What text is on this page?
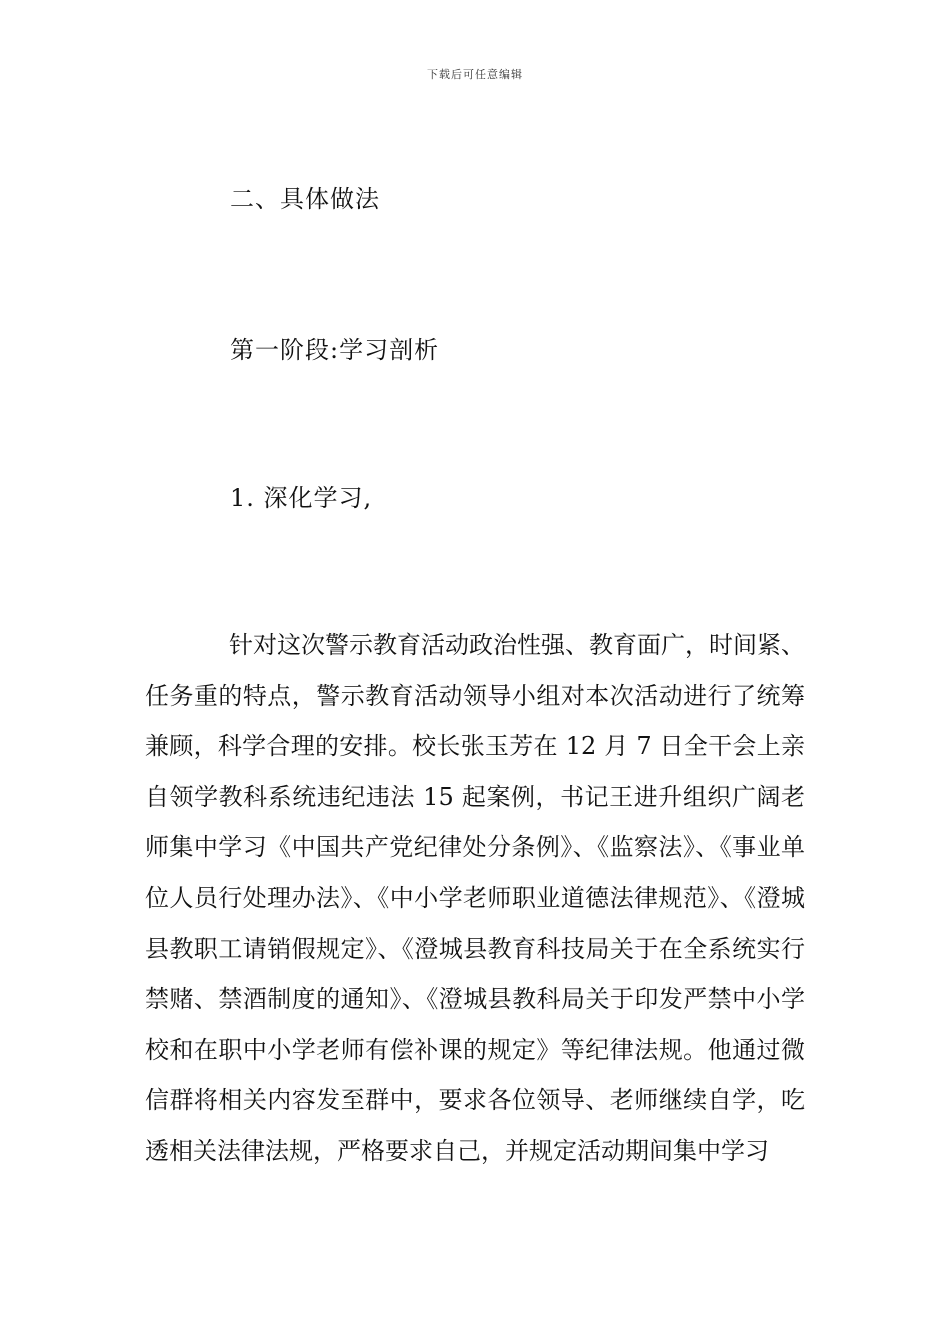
下载后可任意编辑
二、具体做法
第一阶段:学习剖析
1. 深化学习,

针对这次警示教育活动政治性强、教育面广，时间紧、任务重的特点，警示教育活动领导小组对本次活动进行了统筹兼顾，科学合理的安排。校长张玉芳在 12 月 7 日全干会上亲自领学教科系统违纪违法 15 起案例，书记王进升组织广阔老师集中学习《中国共产党纪律处分条例》、《监察法》、《事业单位人员行处理办法》、《中小学老师职业道德法律规范》、《澄城县教职工请销假规定》、《澄城县教育科技局关于在全系统实行禁赌、禁酒制度的通知》、《澄城县教科局关于印发严禁中小学校和在职中小学老师有偿补课的规定》等纪律法规。他通过微信群将相关内容发至群中，要求各位领导、老师继续自学，吃透相关法律法规，严格要求自己，并规定活动期间集中学习
